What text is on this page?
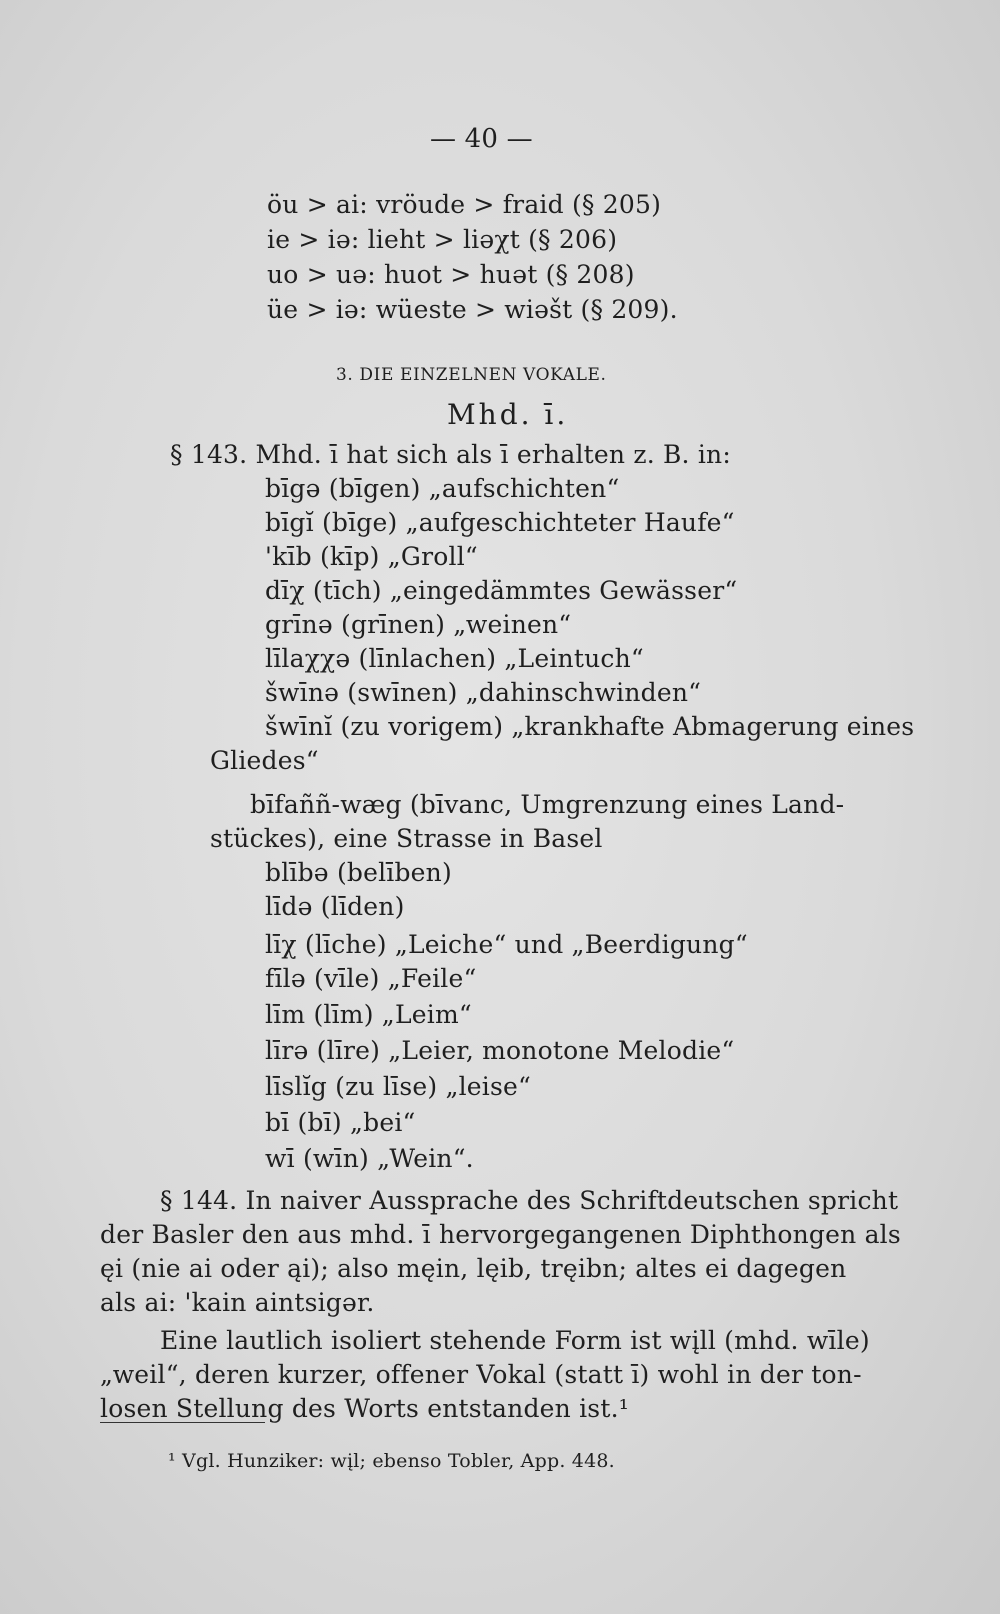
— 40 —
öu > ai: vröude > fraid (§ 205)
ie > iə: lieht > liəχt (§ 206)
uo > uə: huot > huət (§ 208)
üe > iə: wüeste > wiəšt (§ 209).
3. DIE EINZELNEN VOKALE.
Mhd. ī.
§ 143. Mhd. ī hat sich als ī erhalten z. B. in:
bīgə (bīgen) „aufschichten“
bīgĭ (bīge) „aufgeschichteter Haufe“
'kīb (kīp) „Groll“
dīχ (tīch) „eingedämmtes Gewässer“
grīnə (grīnen) „weinen“
līlaχχə (līnlachen) „Leintuch“
šwīnə (swīnen) „dahinschwinden“
šwīnĭ (zu vorigem) „krankhafte Abmagerung eines
Gliedes“
bīfaññ-wæg (bīvanc, Umgrenzung eines Land-
stückes), eine Strasse in Basel
blībə (belīben)
līdə (līden)
līχ (līche) „Leiche“ und „Beerdigung“
fīlə (vīle) „Feile“
līm (līm) „Leim“
līrə (līre) „Leier, monotone Melodie“
līslĭg (zu līse) „leise“
bī (bī) „bei“
wī (wīn) „Wein“.
§ 144. In naiver Aussprache des Schriftdeutschen spricht
der Basler den aus mhd. ī hervorgegangenen Diphthongen als
ęi (nie ai oder ąi); also męin, lęib, tręibn; altes ei dagegen
als ai: 'kain aintsigər.
Eine lautlich isoliert stehende Form ist wįll (mhd. wīle)
„weil“, deren kurzer, offener Vokal (statt ī) wohl in der ton-
losen Stellung des Worts entstanden ist.¹
¹ Vgl. Hunziker: wįl; ebenso Tobler, App. 448.
